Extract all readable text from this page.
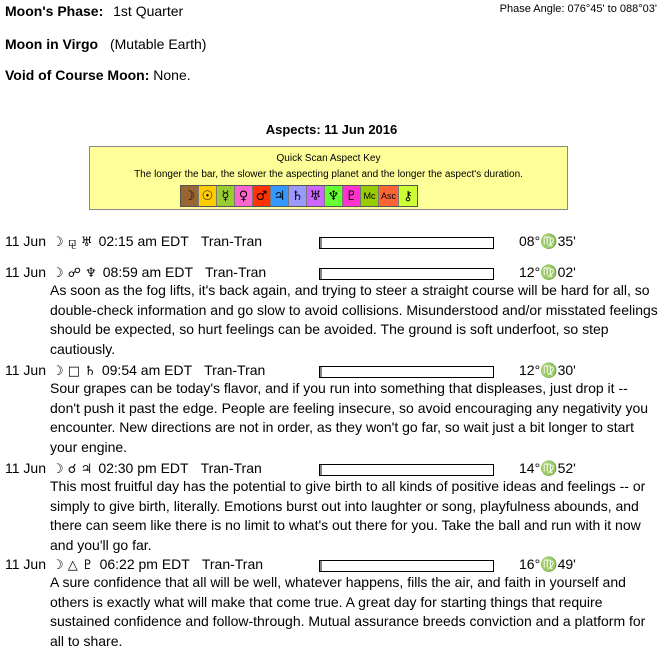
Moon's Phase: 1st Quarter	Phase Angle: 076°45' to 088°03'
Moon in Virgo (Mutable Earth)
Void of Course Moon: None.
Aspects: 11 Jun 2016
Quick Scan Aspect Key
The longer the bar, the slower the aspecting planet and the longer the aspect's duration.
☽ ☉ ☿ ♀ ♂ ♃ ♄ ♅ ♆ ♇ Mc Asc ⚷
11 Jun ☽ ⚼ ♅ 02:15 am EDT Tran-Tran	08°♍35'
11 Jun ☽ ☍ ♆ 08:59 am EDT Tran-Tran	12°♍02'
As soon as the fog lifts, it's back again, and trying to steer a straight course will be hard for all, so double-check information and go slow to avoid collisions. Misunderstood and/or misstated feelings should be expected, so hurt feelings can be avoided. The ground is soft underfoot, so step cautiously.
11 Jun ☽ □ ♄ 09:54 am EDT Tran-Tran	12°♍30'
Sour grapes can be today's flavor, and if you run into something that displeases, just drop it -- don't push it past the edge. People are feeling insecure, so avoid encouraging any negativity you encounter. New directions are not in order, as they won't go far, so wait just a bit longer to start your engine.
11 Jun ☽ ☌ ♃ 02:30 pm EDT Tran-Tran	14°♍52'
This most fruitful day has the potential to give birth to all kinds of positive ideas and feelings -- or simply to give birth, literally. Emotions burst out into laughter or song, playfulness abounds, and there can seem like there is no limit to what's out there for you. Take the ball and run with it now and you'll go far.
11 Jun ☽ △ ♇ 06:22 pm EDT Tran-Tran	16°♍49'
A sure confidence that all will be well, whatever happens, fills the air, and faith in yourself and others is exactly what will make that come true. A great day for starting things that require sustained confidence and follow-through. Mutual assurance breeds conviction and a platform for all to share.
